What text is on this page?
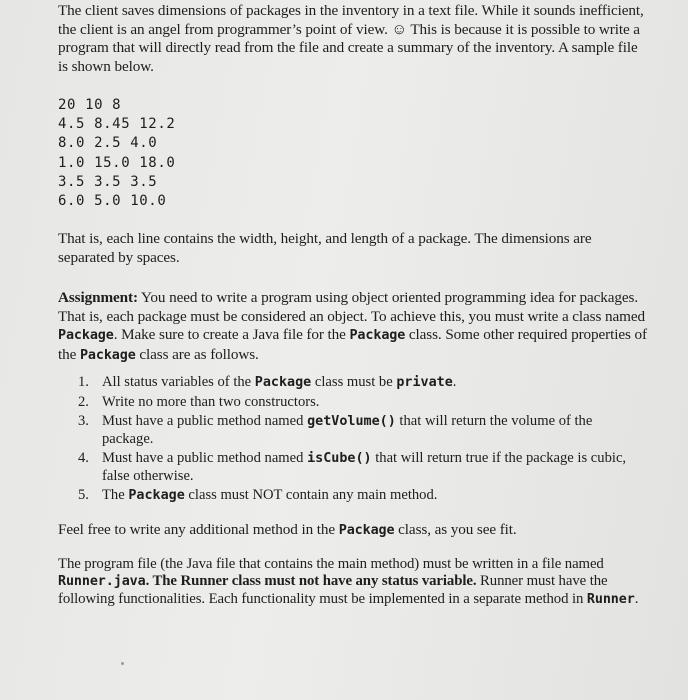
The client saves dimensions of packages in the inventory in a text file. While it sounds inefficient, the client is an angel from programmer’s point of view. ☺ This is because it is possible to write a program that will directly read from the file and create a summary of the inventory. A sample file is shown below.

20 10 8
4.5 8.45 12.2
8.0 2.5 4.0
1.0 15.0 18.0
3.5 3.5 3.5
6.0 5.0 10.0

That is, each line contains the width, height, and length of a package. The dimensions are separated by spaces.

Assignment: You need to write a program using object oriented programming idea for packages. That is, each package must be considered an object. To achieve this, you must write a class named Package. Make sure to create a Java file for the Package class. Some other required properties of the Package class are as follows.

1. All status variables of the Package class must be private.
2. Write no more than two constructors.
3. Must have a public method named getVolume() that will return the volume of the package.
4. Must have a public method named isCube() that will return true if the package is cubic, false otherwise.
5. The Package class must NOT contain any main method.

Feel free to write any additional method in the Package class, as you see fit.

The program file (the Java file that contains the main method) must be written in a file named Runner.java. The Runner class must not have any status variable. Runner must have the following functionalities. Each functionality must be implemented in a separate method in Runner.
